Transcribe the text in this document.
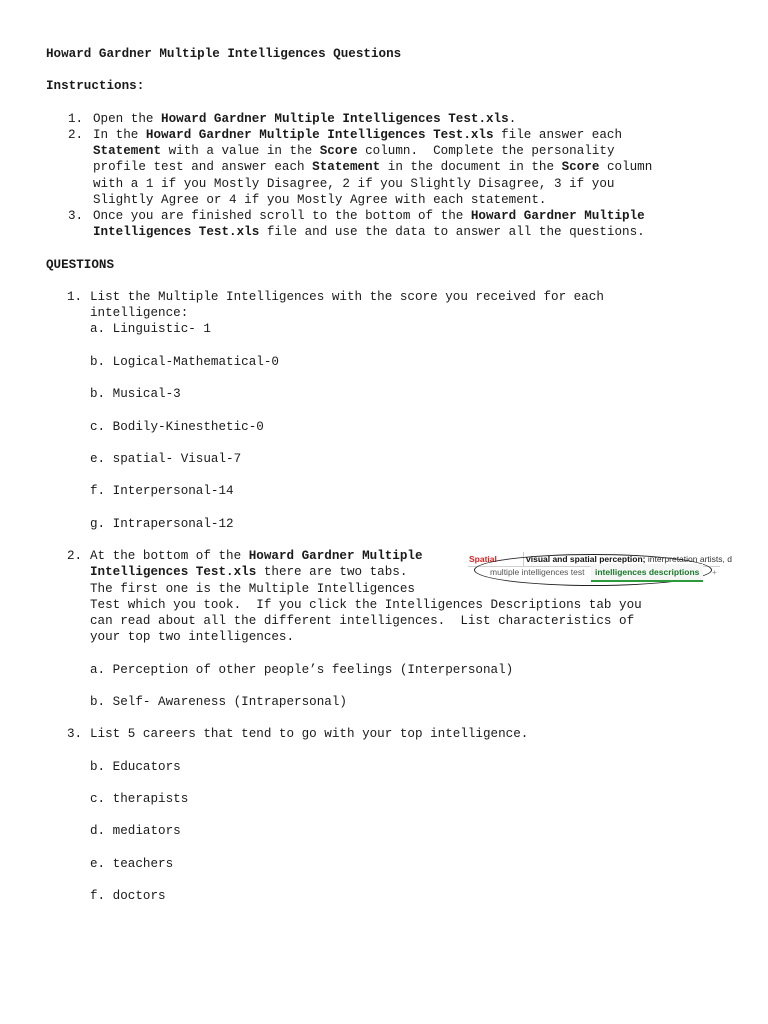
Howard Gardner Multiple Intelligences Questions
Instructions:
1. Open the Howard Gardner Multiple Intelligences Test.xls.
2. In the Howard Gardner Multiple Intelligences Test.xls file answer each
Statement with a value in the Score column.  Complete the personality
profile test and answer each Statement in the document in the Score column
with a 1 if you Mostly Disagree, 2 if you Slightly Disagree, 3 if you
Slightly Agree or 4 if you Mostly Agree with each statement.
3. Once you are finished scroll to the bottom of the Howard Gardner Multiple
Intelligences Test.xls file and use the data to answer all the questions.
QUESTIONS
1. List the Multiple Intelligences with the score you received for each
intelligence:
a. Linguistic- 1
b. Logical-Mathematical-0
b. Musical-3
c. Bodily-Kinesthetic-0
e. spatial- Visual-7
f. Interpersonal-14
g. Intrapersonal-12
2. At the bottom of the Howard Gardner Multiple
Intelligences Test.xls there are two tabs.
The first one is the Multiple Intelligences
Test which you took.  If you click the Intelligences Descriptions tab you
can read about all the different intelligences.  List characteristics of
your top two intelligences.
a. Perception of other people’s feelings (Interpersonal)
b. Self- Awareness (Intrapersonal)
3. List 5 careers that tend to go with your top intelligence.
b. Educators
c. therapists
d. mediators
e. teachers
f. doctors
Spatial	visual and spatial perception; interpretation artists, d
multiple intelligences test	intelligences descriptions	+
